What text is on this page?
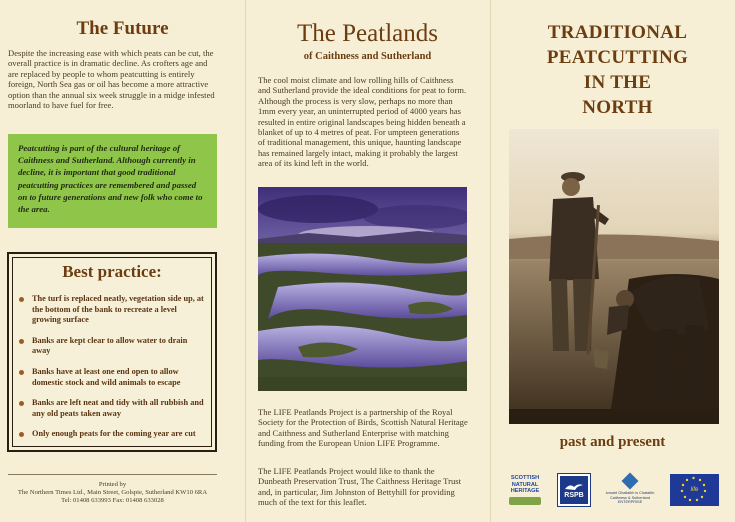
The Future

Despite the increasing ease with which peats can be cut, the overall practice is in dramatic decline. As crofters age and are replaced by people to whom peatcutting is entirely foreign, North Sea gas or oil has become a more attractive option than the annual six week struggle in a midge infested moorland to have fuel for free.

Peatcutting is part of the cultural heritage of Caithness and Sutherland. Although currently in decline, it is important that good traditional peatcutting practices are remembered and passed on to future generations and new folk who come to the area.
Best practice:
The turf is replaced neatly, vegetation side up, at the bottom of the bank to recreate a level growing surface
Banks are kept clear to allow water to drain away
Banks have at least one end open to allow domestic stock and wild animals to escape
Banks are left neat and tidy with all rubbish and any old peats taken away
Only enough peats for the coming year are cut
Printed by
The Northern Times Ltd., Main Street, Golspie, Sutherland KW10 6RA
Tel: 01408 633993 Fax: 01408 633028
The Peatlands
of Caithness and Sutherland

The cool moist climate and low rolling hills of Caithness and Sutherland provide the ideal conditions for peat to form. Although the process is very slow, perhaps no more than 1mm every year, an uninterrupted period of 4000 years has resulted in entire original landscapes being hidden beneath a blanket of up to 4 metres of peat. For umpteen generations of traditional management, this unique, haunting landscape has remained largely intact, making it probably the largest area of its kind left in the world.

The LIFE Peatlands Project is a partnership of the Royal Society for the Protection of Birds, Scottish Natural Heritage and Caithness and Sutherland Enterprise with matching funding from the European Union LIFE Programme.

The LIFE Peatlands Project would like to thank the Dunbeath Preservation Trust, The Caithness Heritage Trust and, in particular, Jim Johnston of Bettyhill for providing much of the text for this leaflet.

TRADITIONAL
PEATCUTTING
IN THE
NORTH
past and present
SCOTTISH
NATURAL
HERITAGE
RSPB	Iomairt Ghallaibh is Chataibh
Caithness & Sutherland
ENTERPRISE
life
